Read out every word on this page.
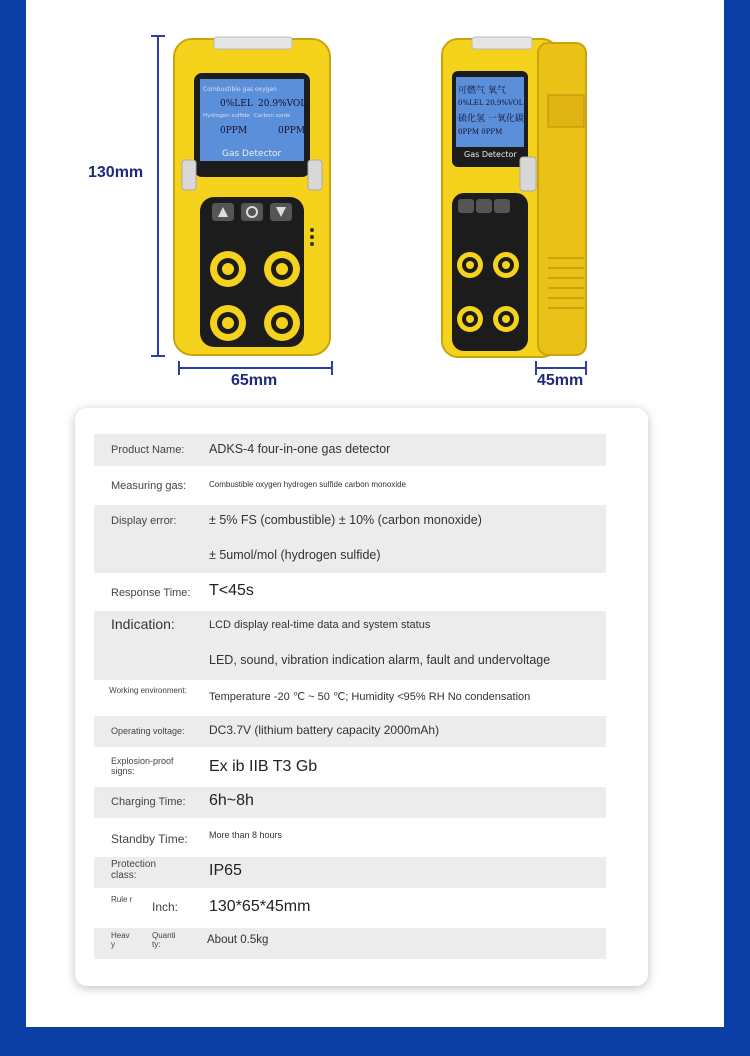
130mm
65mm	45mm
Combustible gas oxygen
0%LEL 20.9%VOL
Hydrogen sulfide Carbon oxide
0PPM	0PPM
Gas Detector
可燃气 氧气
0%LEL 20.9%VOL
硫化氢 一氧化碳
0PPM 0PPM
Gas Detector
Product Name: ADKS-4 four-in-one gas detector
Measuring gas:	Combustible oxygen hydrogen sulfide carbon monoxide
Display error:	± 5% FS (combustible) ± 10% (carbon monoxide)
± 5umol/mol (hydrogen sulfide)
Response Time: T<45s
Indication:	LCD display real-time data and system status
LED, sound, vibration indication alarm, fault and undervoltage
Working environment:
Temperature -20 ℃ ~ 50 ℃; Humidity <95% RH No condensation
Operating voltage: DC3.7V (lithium battery capacity 2000mAh)
Explosion-proof signs:	Ex ib IIB T3 Gb
Charging Time: 6h~8h
Standby Time: More than 8 hours
Protection class:	IP65
Rule r
Inch: 130*65*45mm
Heav y
Quanti ty:	About 0.5kg
